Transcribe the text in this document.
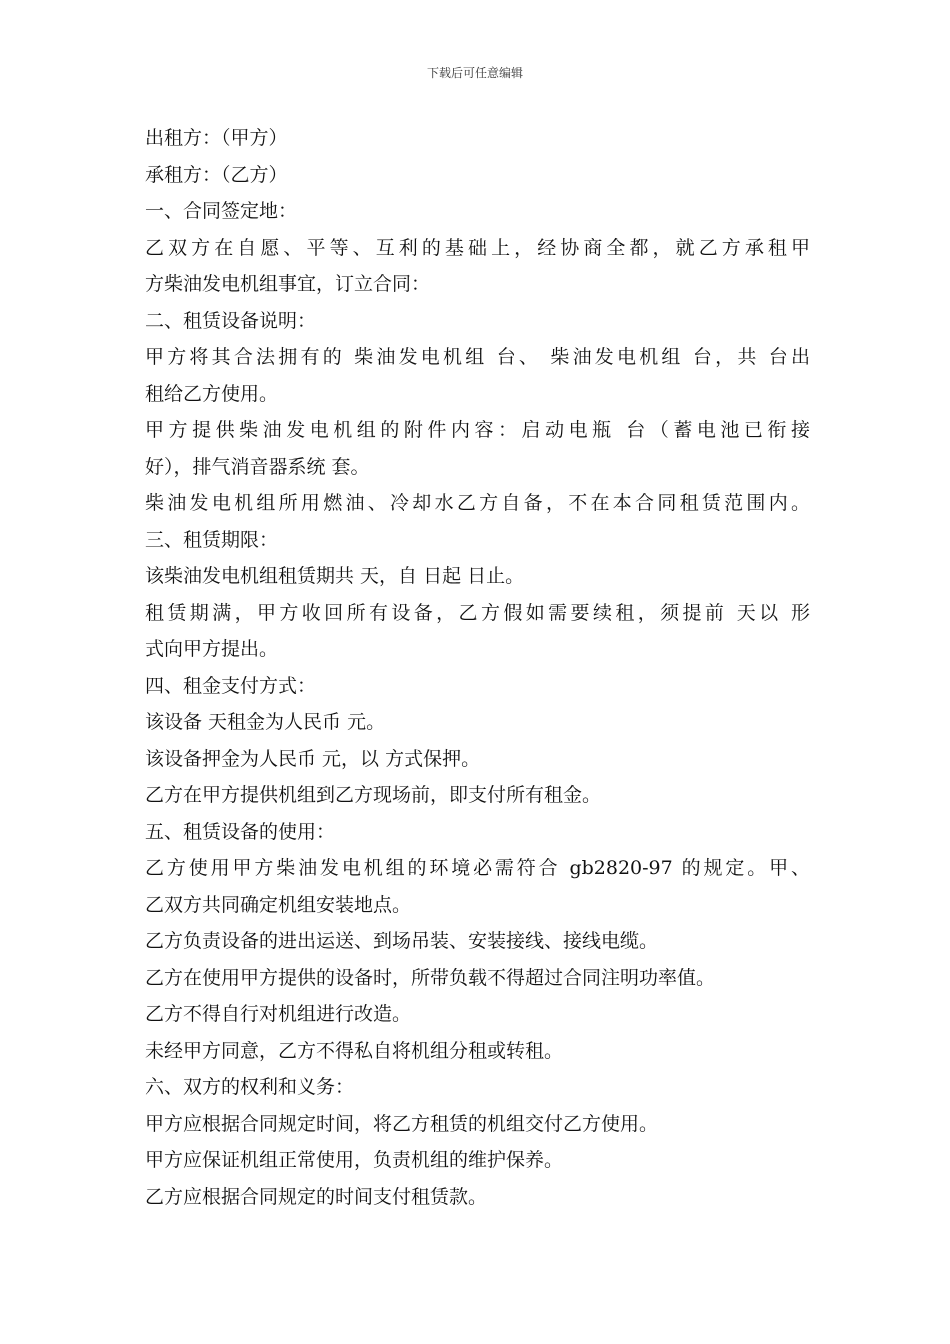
下载后可任意编辑
出租方：（甲方）
承租方：（乙方）
一、合同签定地：
乙双方在自愿、平等、互利的基础上，经协商全都，就乙方承租甲
方柴油发电机组事宜，订立合同：
二、租赁设备说明：
甲方将其合法拥有的 柴油发电机组 台、 柴油发电机组 台，共 台出
租给乙方使用。
甲方提供柴油发电机组的附件内容：启动电瓶 台（蓄电池已衔接
好），排气消音器系统 套。
柴油发电机组所用燃油、冷却水乙方自备，不在本合同租赁范围内。
三、租赁期限：
该柴油发电机组租赁期共 天，自 日起 日止。
租赁期满，甲方收回所有设备，乙方假如需要续租，须提前 天以 形
式向甲方提出。
四、租金支付方式：
该设备 天租金为人民币 元。
该设备押金为人民币 元，以 方式保押。
乙方在甲方提供机组到乙方现场前，即支付所有租金。
五、租赁设备的使用：
乙方使用甲方柴油发电机组的环境必需符合 gb2820-97 的规定。甲、
乙双方共同确定机组安装地点。
乙方负责设备的进出运送、到场吊装、安装接线、接线电缆。
乙方在使用甲方提供的设备时，所带负载不得超过合同注明功率值。
乙方不得自行对机组进行改造。
未经甲方同意，乙方不得私自将机组分租或转租。
六、双方的权利和义务：
甲方应根据合同规定时间，将乙方租赁的机组交付乙方使用。
甲方应保证机组正常使用，负责机组的维护保养。
乙方应根据合同规定的时间支付租赁款。
